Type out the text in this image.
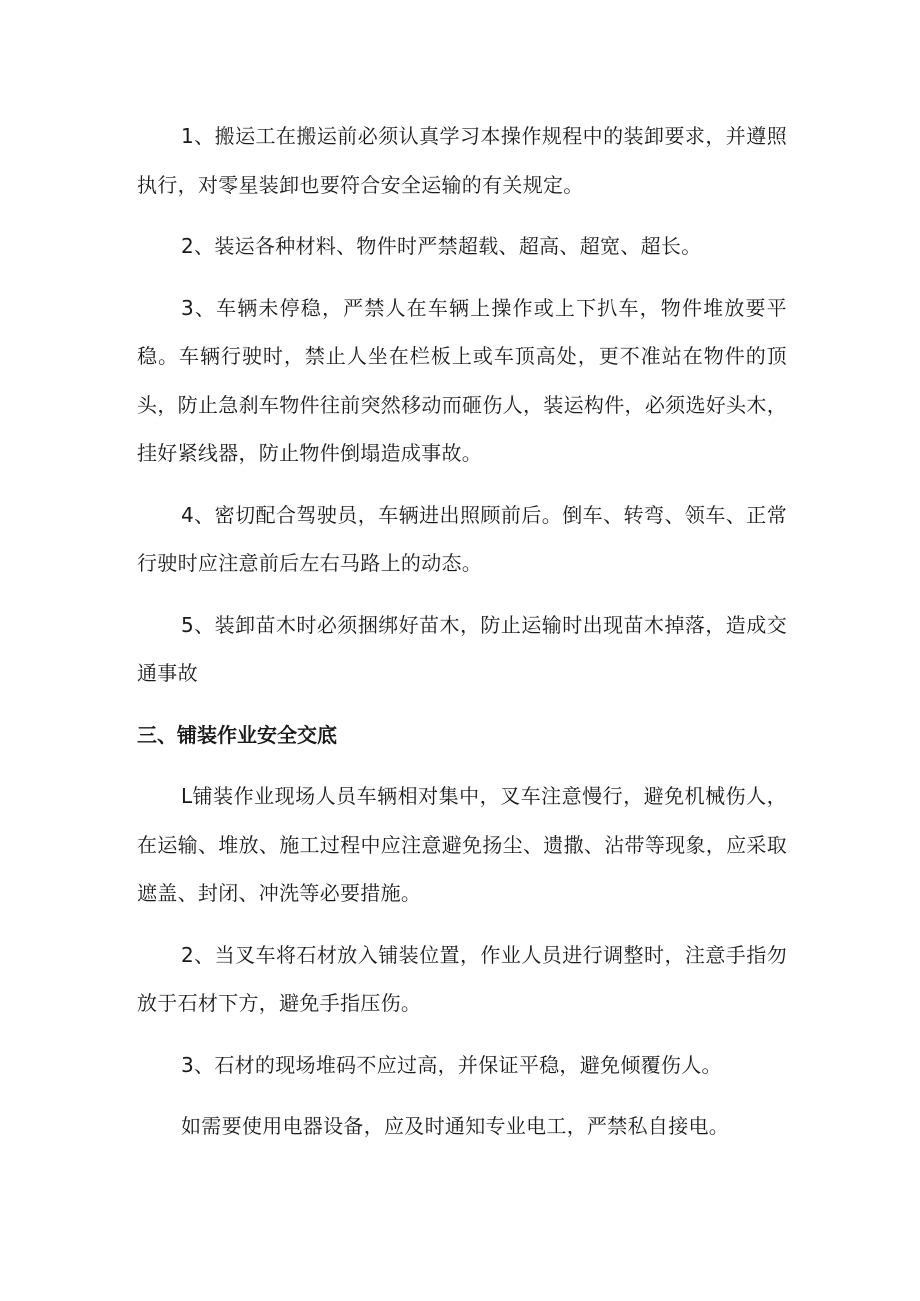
1、搬运工在搬运前必须认真学习本操作规程中的装卸要求，并遵照执行，对零星装卸也要符合安全运输的有关规定。

2、装运各种材料、物件时严禁超载、超高、超宽、超长。

3、车辆未停稳，严禁人在车辆上操作或上下扒车，物件堆放要平稳。车辆行驶时，禁止人坐在栏板上或车顶高处，更不准站在物件的顶头，防止急刹车物件往前突然移动而砸伤人，装运构件，必须选好头木，挂好紧线器，防止物件倒塌造成事故。

4、密切配合驾驶员，车辆进出照顾前后。倒车、转弯、领车、正常行驶时应注意前后左右马路上的动态。

5、装卸苗木时必须捆绑好苗木，防止运输时出现苗木掉落，造成交通事故

三、铺装作业安全交底

L铺装作业现场人员车辆相对集中，叉车注意慢行，避免机械伤人，在运输、堆放、施工过程中应注意避免扬尘、遗撒、沾带等现象，应采取遮盖、封闭、冲洗等必要措施。

2、当叉车将石材放入铺装位置，作业人员进行调整时，注意手指勿放于石材下方，避免手指压伤。

3、石材的现场堆码不应过高，并保证平稳，避免倾覆伤人。

如需要使用电器设备，应及时通知专业电工，严禁私自接电。
